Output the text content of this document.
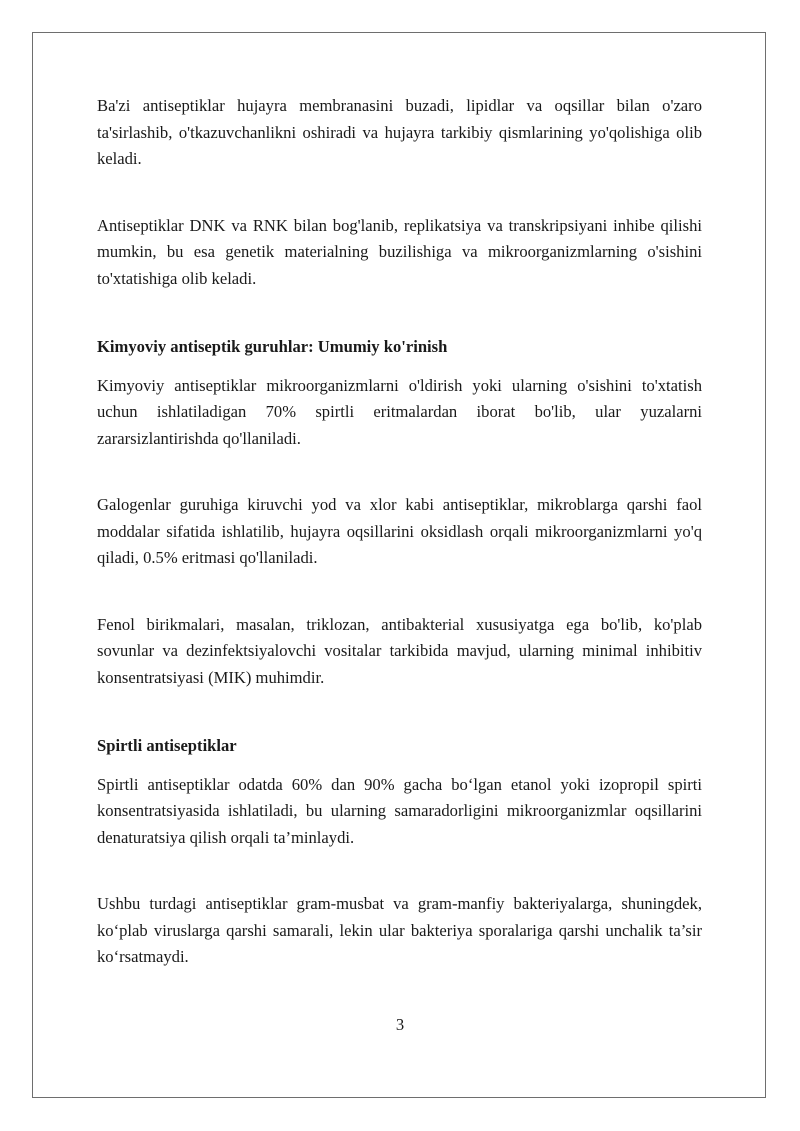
Ba'zi antiseptiklar hujayra membranasini buzadi, lipidlar va oqsillar bilan o'zaro ta'sirlashib, o'tkazuvchanlikni oshiradi va hujayra tarkibiy qismlarining yo'qolishiga olib keladi.

Antiseptiklar DNK va RNK bilan bog'lanib, replikatsiya va transkripsiyani inhibe qilishi mumkin, bu esa genetik materialning buzilishiga va mikroorganizmlarning o'sishini to'xtatishiga olib keladi.

Kimyoviy antiseptik guruhlar: Umumiy ko'rinish

Kimyoviy antiseptiklar mikroorganizmlarni o'ldirish yoki ularning o'sishini to'xtatish uchun ishlatiladigan 70% spirtli eritmalardan iborat bo'lib, ular yuzalarni zararsizlantirishda qo'llaniladi.

Galogenlar guruhiga kiruvchi yod va xlor kabi antiseptiklar, mikroblarga qarshi faol moddalar sifatida ishlatilib, hujayra oqsillarini oksidlash orqali mikroorganizmlarni yo'q qiladi, 0.5% eritmasi qo'llaniladi.

Fenol birikmalari, masalan, triklozan, antibakterial xususiyatga ega bo'lib, ko'plab sovunlar va dezinfektsiyalovchi vositalar tarkibida mavjud, ularning minimal inhibitiv konsentratsiyasi (MIK) muhimdir.

Spirtli antiseptiklar

Spirtli antiseptiklar odatda 60% dan 90% gacha bo‘lgan etanol yoki izopropil spirti konsentratsiyasida ishlatiladi, bu ularning samaradorligini mikroorganizmlar oqsillarini denaturatsiya qilish orqali ta’minlaydi.

Ushbu turdagi antiseptiklar gram-musbat va gram-manfiy bakteriyalarga, shuningdek, ko‘plab viruslarga qarshi samarali, lekin ular bakteriya sporalariga qarshi unchalik ta’sir ko‘rsatmaydi.

3
